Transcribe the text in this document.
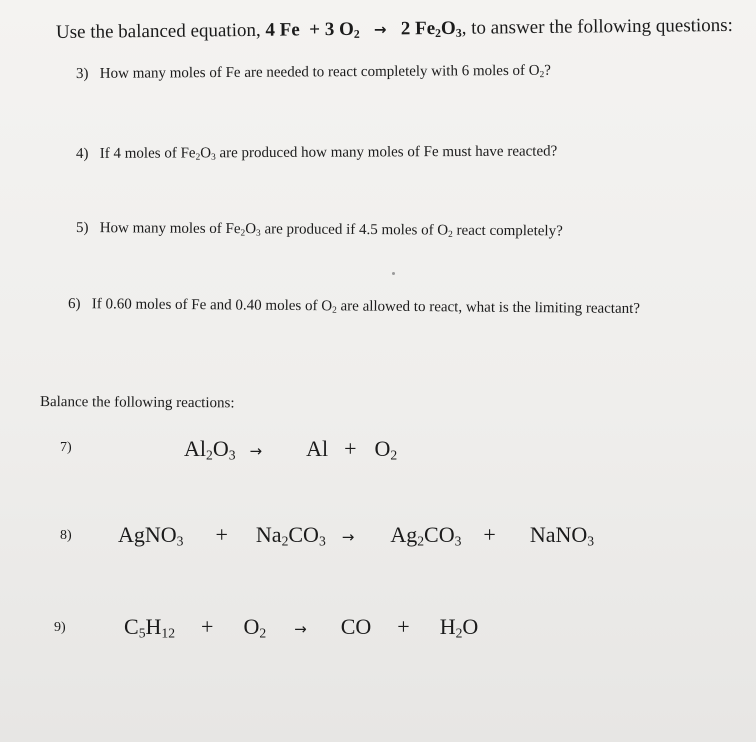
Use the balanced equation, 4 Fe + 3 $O_2 \to 2$ $Fe_2O_3$, to answer the following questions:
3) How many moles of Fe are needed to react completely with 6 moles of $O_2$?
4) If 4 moles of $Fe_2O_3$ are produced how many moles of Fe must have reacted?
5) How many moles of $Fe_2O_3$ are produced if 4.5 moles of $O_2$ react completely?
6) If 0.60 moles of Fe and 0.40 moles of $O_2$ are allowed to react, what is the limiting reactant?
Balance the following reactions:
7)	$Al_2O_3 \to Al + O_2$
8) AgNO$_3$ + $Na_2CO_3 \to Ag_2CO_3$ + NaNO$_3$
9)	$C_5H_{12} + O_2$ → CO + $H_2O$
